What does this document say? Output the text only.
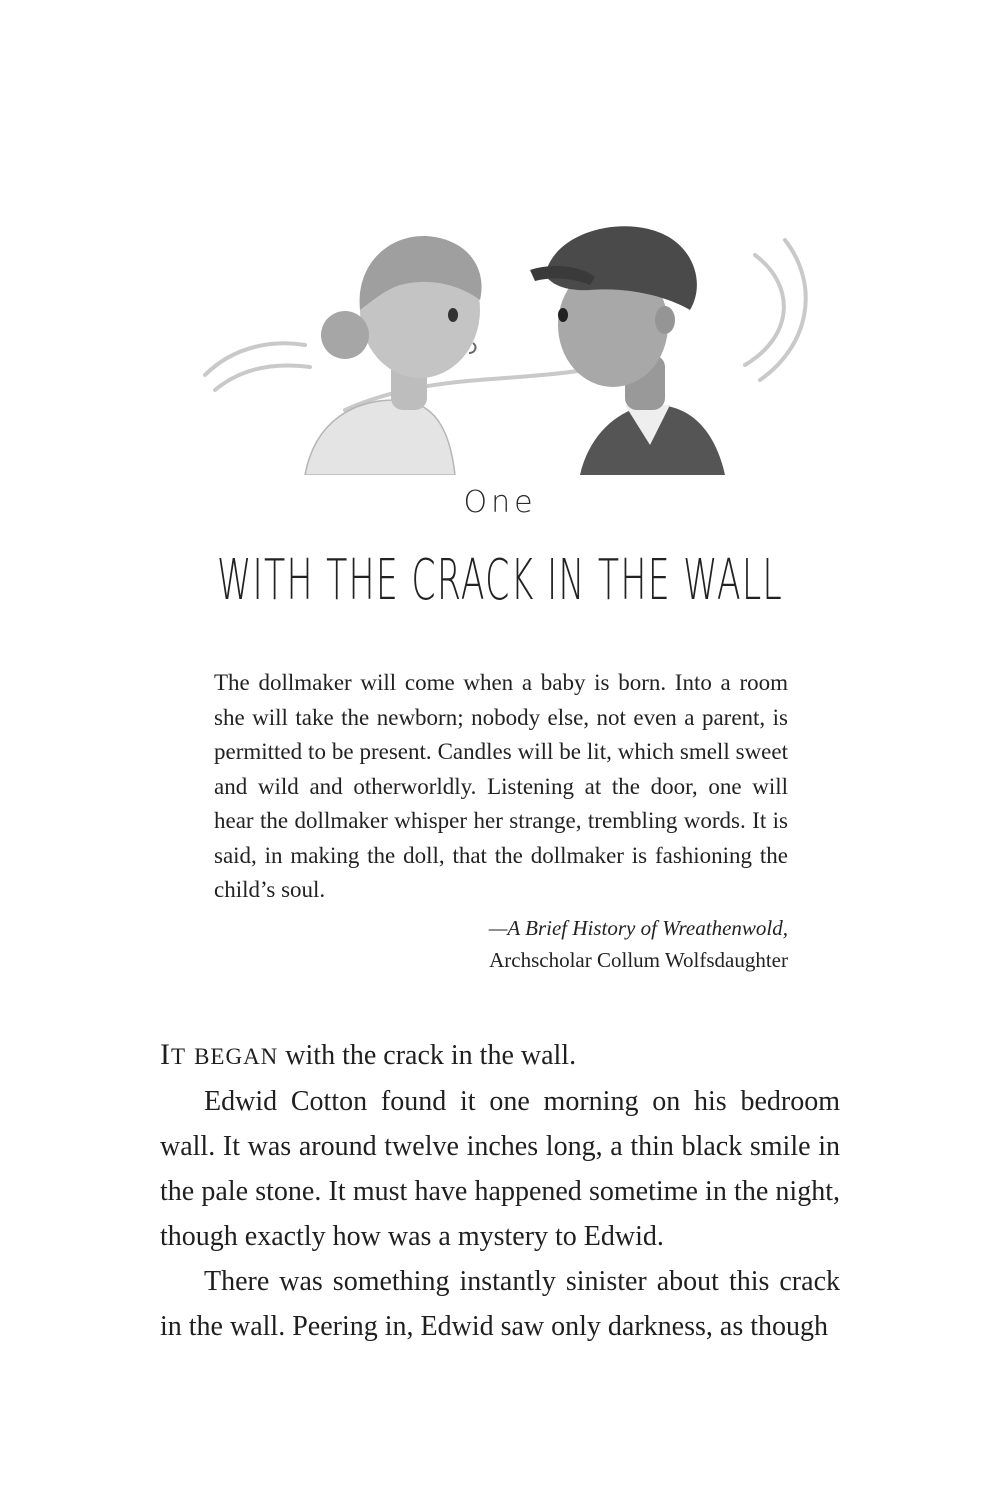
One
WITH THE CRACK IN THE WALL

The dollmaker will come when a baby is born. Into a room she will take the newborn; nobody else, not even a parent, is permitted to be present. Candles will be lit, which smell sweet and wild and otherworldly. Listening at the door, one will hear the dollmaker whisper her strange, trembling words. It is said, in making the doll, that the dollmaker is fashioning the child’s soul.

—A Brief History of Wreathenwold,
Archscholar Collum Wolfsdaughter

IT BEGAN with the crack in the wall.

Edwid Cotton found it one morning on his bedroom wall. It was around twelve inches long, a thin black smile in the pale stone. It must have happened sometime in the night, though exactly how was a mystery to Edwid.

There was something instantly sinister about this crack in the wall. Peering in, Edwid saw only darkness, as though
